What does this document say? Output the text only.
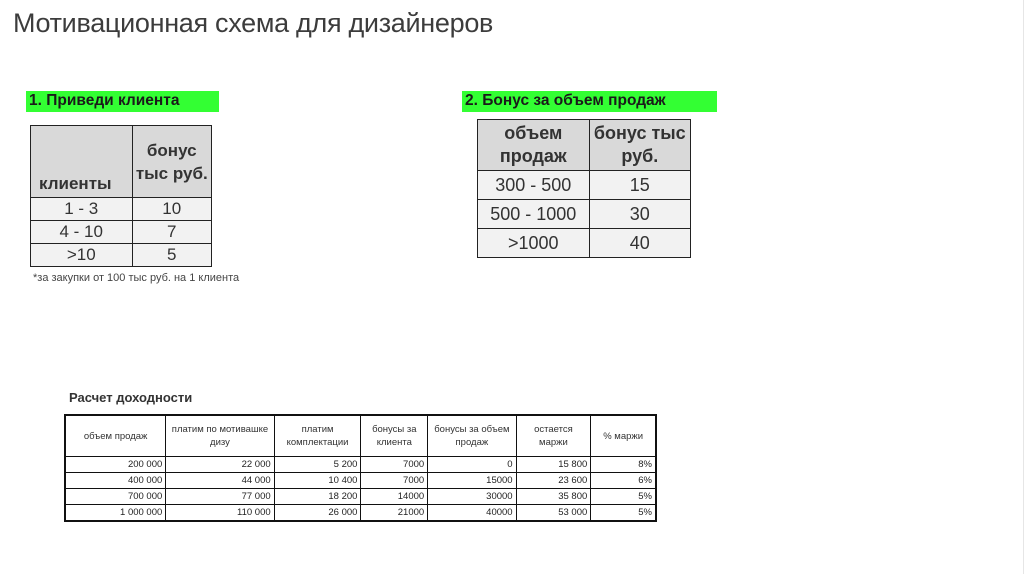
Мотивационная схема для дизайнеров
1. Приведи клиента	2. Бонус за объем продаж
клиенты	бонус тыс руб.
1 - 3	10
4 - 10	7
>10	5
*за закупки от 100 тыс руб. на 1 клиента
объем продаж	бонус тыс руб.
300 - 500	15
500 - 1000	30
>1000	40
Расчет доходности
объем продаж	платим по мотивашке дизу	платим комплектации	бонусы за клиента	бонусы за объем продаж	остается маржи	% маржи
200 000	22 000	5 200	7000	0	15 800	8%
400 000	44 000	10 400	7000	15000	23 600	6%
700 000	77 000	18 200	14000	30000	35 800	5%
1 000 000	110 000	26 000	21000	40000	53 000	5%
